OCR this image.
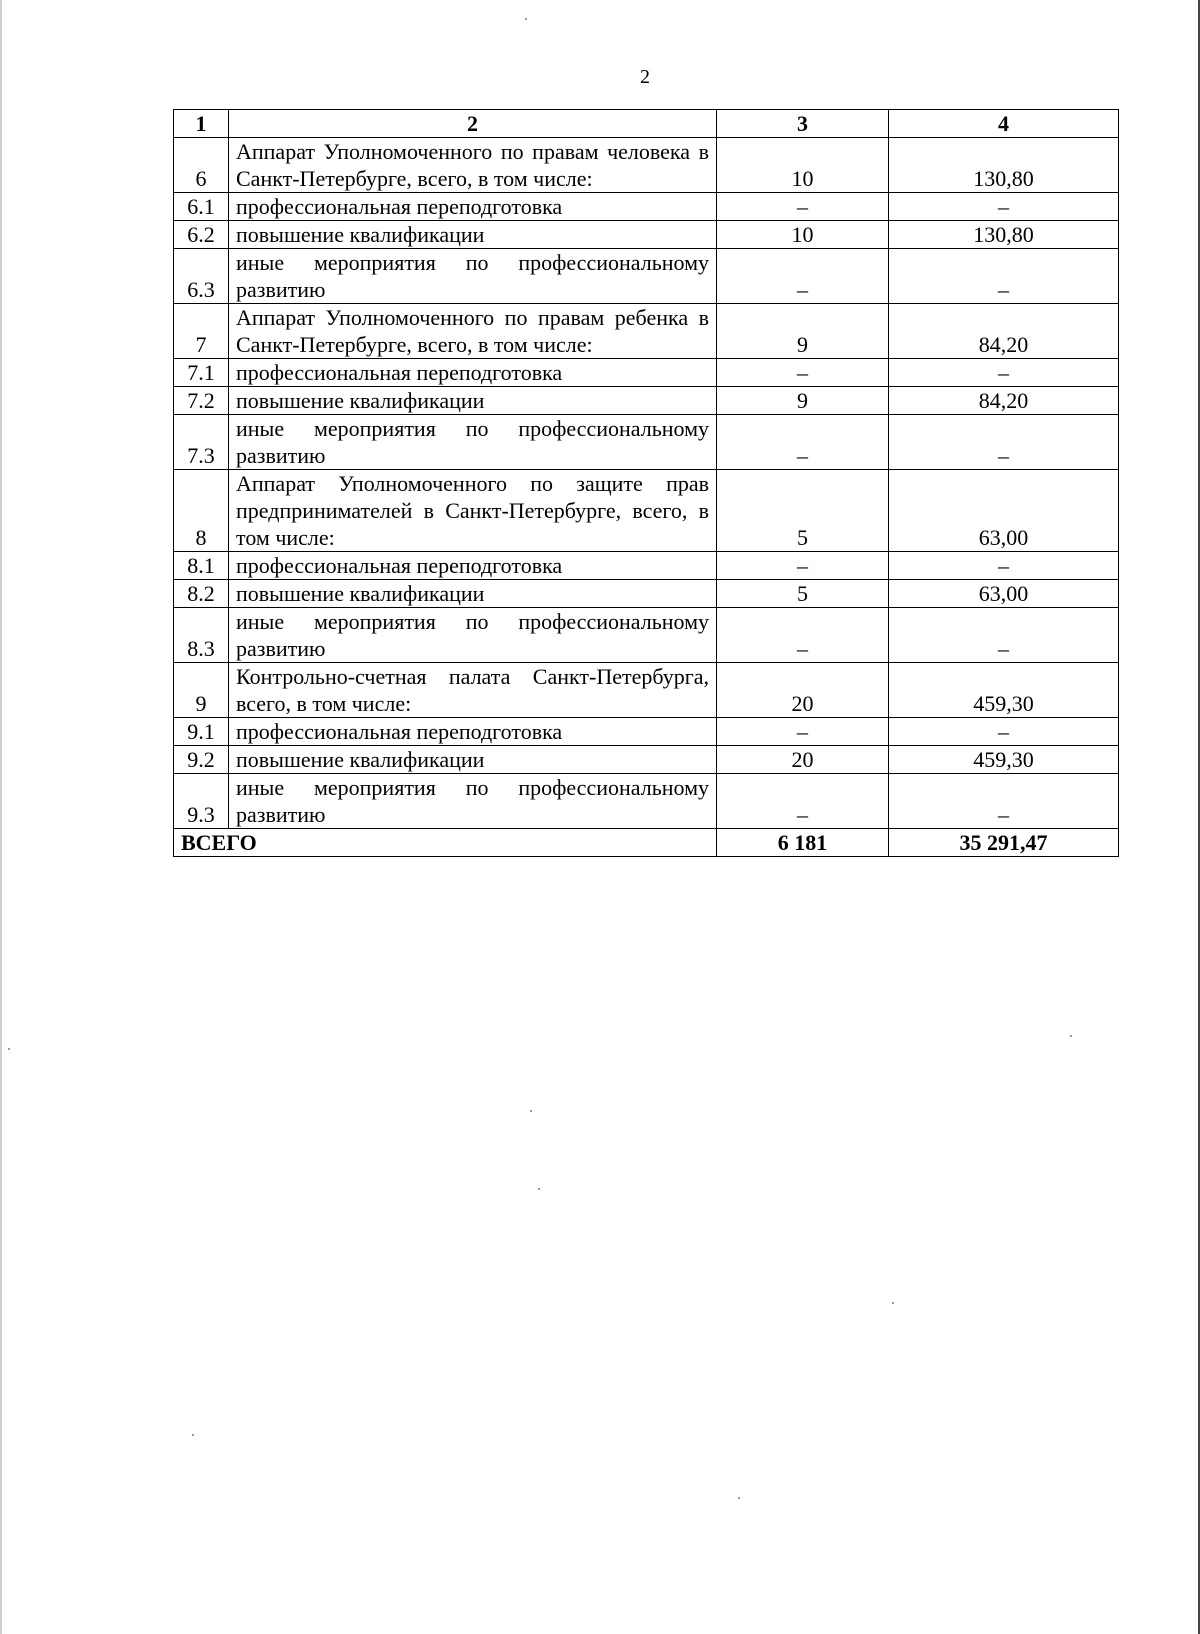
2
1	2	3	4
6	Аппарат Уполномоченного по правам человека в Санкт-Петербурге, всего, в том числе:	10	130,80
6.1	профессиональная переподготовка	–	–
6.2	повышение квалификации	10	130,80
6.3	иные мероприятия по профессиональному развитию	–	–
7	Аппарат Уполномоченного по правам ребенка в Санкт-Петербурге, всего, в том числе:	9	84,20
7.1	профессиональная переподготовка	–	–
7.2	повышение квалификации	9	84,20
7.3	иные мероприятия по профессиональному развитию	–	–
8	Аппарат Уполномоченного по защите прав предпринимателей в Санкт-Петербурге, всего, в том числе:	5	63,00
8.1	профессиональная переподготовка	–	–
8.2	повышение квалификации	5	63,00
8.3	иные мероприятия по профессиональному развитию	–	–
9	Контрольно-счетная палата Санкт-Петербурга, всего, в том числе:	20	459,30
9.1	профессиональная переподготовка	–	–
9.2	повышение квалификации	20	459,30
9.3	иные мероприятия по профессиональному развитию	–	–
ВСЕГО		6 181	35 291,47
